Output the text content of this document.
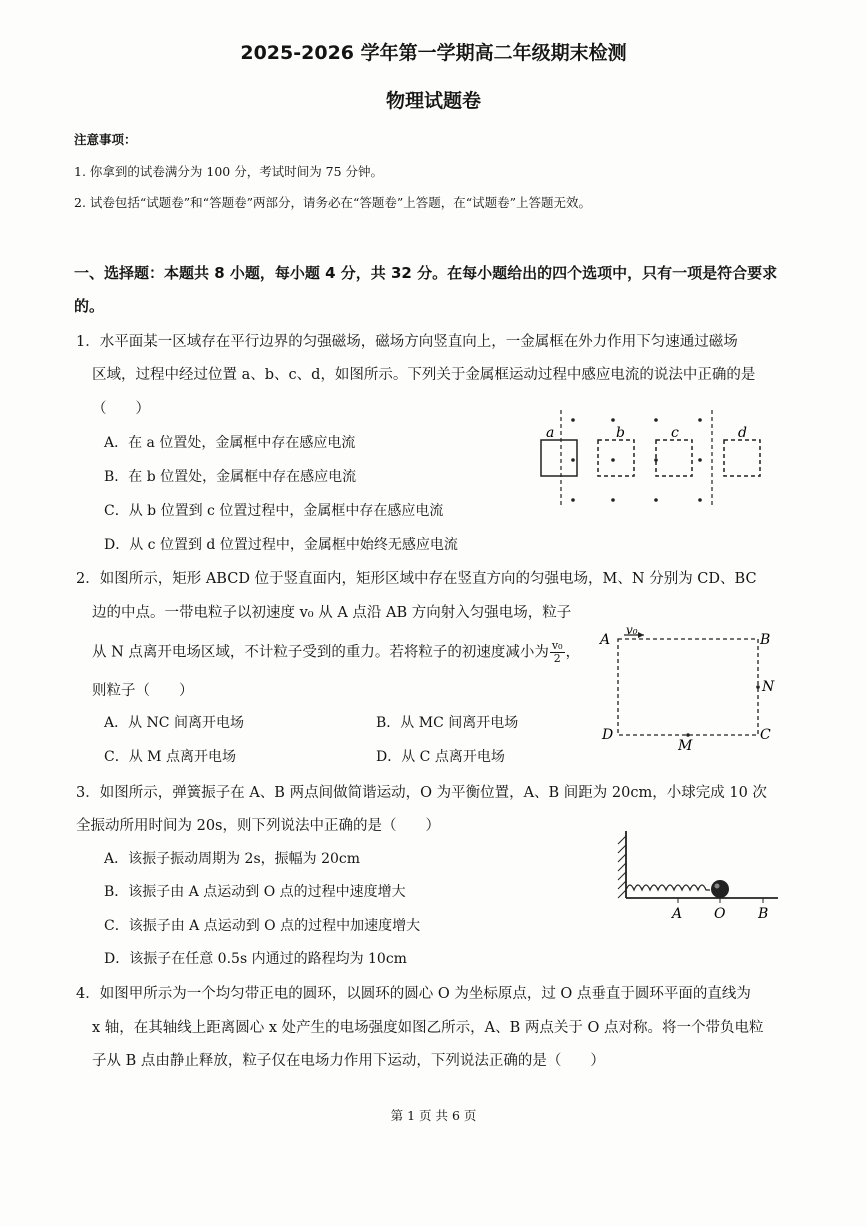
2025-2026 学年第一学期高二年级期末检测
物理试题卷
注意事项：
1. 你拿到的试卷满分为 100 分，考试时间为 75 分钟。
2. 试卷包括“试题卷”和“答题卷”两部分，请务必在“答题卷”上答题，在“试题卷”上答题无效。
一、选择题：本题共 8 小题，每小题 4 分，共 32 分。在每小题给出的四个选项中，只有一项是符合要求
的。
1．水平面某一区域存在平行边界的匀强磁场，磁场方向竖直向上，一金属框在外力作用下匀速通过磁场
区域，过程中经过位置 a、b、c、d，如图所示。下列关于金属框运动过程中感应电流的说法中正确的是
（　　）
A．在 a 位置处，金属框中存在感应电流
B．在 b 位置处，金属框中存在感应电流
C．从 b 位置到 c 位置过程中，金属框中存在感应电流
D．从 c 位置到 d 位置过程中，金属框中始终无感应电流
a	b	c	d
2．如图所示，矩形 ABCD 位于竖直面内，矩形区域中存在竖直方向的匀强电场，M、N 分别为 CD、BC
边的中点。一带电粒子以初速度 v₀ 从 A 点沿 AB 方向射入匀强电场，粒子
从 N 点离开电场区域，不计粒子受到的重力。若将粒子的初速度减小为 $\frac{\text{v₀}}{2}$ ，
则粒子（　　）
A．从 NC 间离开电场	B．从 MC 间离开电场
C．从 M 点离开电场	D．从 C 点离开电场
A
v₀
B
N
C
D
M
3．如图所示，弹簧振子在 A、B 两点间做简谐运动，O 为平衡位置，A、B 间距为 20cm，小球完成 10 次
全振动所用时间为 20s，则下列说法中正确的是（　　）
A．该振子振动周期为 2s，振幅为 20cm
B．该振子由 A 点运动到 O 点的过程中速度增大
C．该振子由 A 点运动到 O 点的过程中加速度增大
D．该振子在任意 0.5s 内通过的路程均为 10cm
A O B
4．如图甲所示为一个均匀带正电的圆环，以圆环的圆心 O 为坐标原点，过 O 点垂直于圆环平面的直线为
x 轴，在其轴线上距离圆心 x 处产生的电场强度如图乙所示，A、B 两点关于 O 点对称。将一个带负电粒
子从 B 点由静止释放，粒子仅在电场力作用下运动，下列说法正确的是（　　）
第 1 页 共 6 页
